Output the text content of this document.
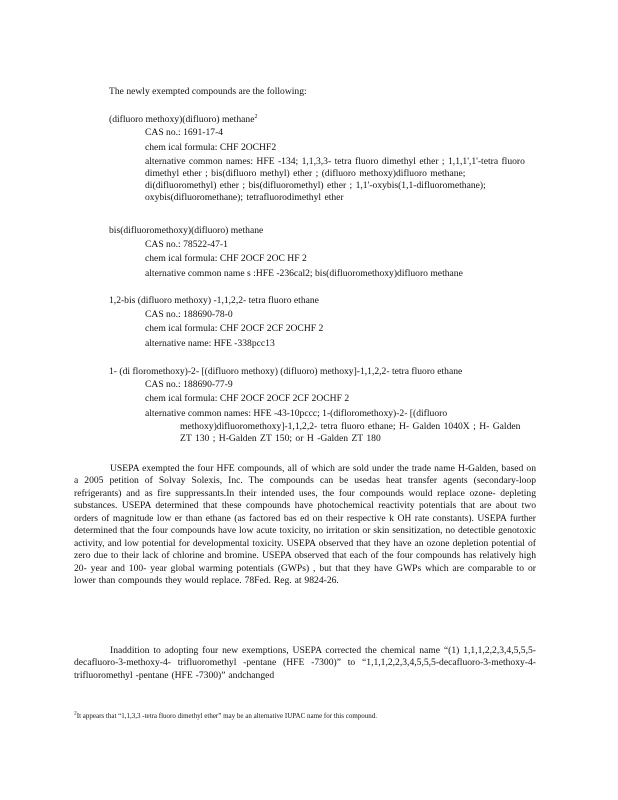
The newly exempted compounds are the following:
(difluoro methoxy)(difluoro) methane$^2$
CAS no.: 1691-17-4
chem ical formula: CHF 2OCHF2
alternative common names: HFE -134; 1,1,3,3- tetra fluoro dimethyl ether ; 1,1,1',1'-tetra fluoro dimethyl ether ; bis(difluoro methyl) ether ; (difluoro methoxy)difluoro methane; di(difluoromethyl) ether ; bis(difluoromethyl) ether ; 1,1'-oxybis(1,1-difluoromethane); oxybis(difluoromethane); tetrafluorodimethyl ether
bis(difluoromethoxy)(difluoro) methane
CAS no.: 78522-47-1
chem ical formula: CHF 2OCF 2OC HF 2
alternative common name s :HFE -236cal2; bis(difluoromethoxy)difluoro methane
1,2-bis (difluoro methoxy) -1,1,2,2- tetra fluoro ethane
CAS no.: 188690-78-0
chem ical formula: CHF 2OCF 2CF 2OCHF 2
alternative name: HFE -338pcc13
1- (di floromethoxy)-2- [(difluoro methoxy) (difluoro) methoxy]-1,1,2,2- tetra fluoro ethane
CAS no.: 188690-77-9
chem ical formula: CHF 2OCF 2OCF 2CF 2OCHF 2
alternative common names: HFE -43-10pccc; 1-(difloromethoxy)-2- [(difluoro
methoxy)difluoromethoxy]-1,1,2,2- tetra fluoro ethane; H- Galden 1040X ; H- Galden ZT 130 ; H-Galden ZT 150; or H -Galden ZT 180
USEPA exempted the four HFE compounds, all of which are sold under the trade name H-Galden, based on a 2005 petition of Solvay Solexis, Inc. The compounds can be usedas heat transfer agents (secondary-loop refrigerants) and as fire suppressants.In their intended uses, the four compounds would replace ozone- depleting substances. USEPA determined that these compounds have photochemical reactivity potentials that are about two orders of magnitude low er than ethane (as factored bas ed on their respective k OH rate constants). USEPA further determined that the four compounds have low acute toxicity, no irritation or skin sensitization, no detectible genotoxic activity, and low potential for developmental toxicity. USEPA observed that they have an ozone depletion potential of zero due to their lack of chlorine and bromine. USEPA observed that each of the four compounds has relatively high 20- year and 100- year global warming potentials (GWPs) , but that they have GWPs which are comparable to or lower than compounds they would replace. 78Fed. Reg. at 9824-26.
Inaddition to adopting four new exemptions, USEPA corrected the chemical name “(1) 1,1,1,2,2,3,4,5,5,5-decafluoro-3-methoxy-4- trifluoromethyl -pentane (HFE -7300)” to “1,1,1,2,2,3,4,5,5,5-decafluoro-3-methoxy-4- trifluoromethyl -pentane (HFE -7300)” andchanged
$^2$It appears that “1,1,3,3 -tetra fluoro dimethyl ether” may be an alternative IUPAC name for this compound.
